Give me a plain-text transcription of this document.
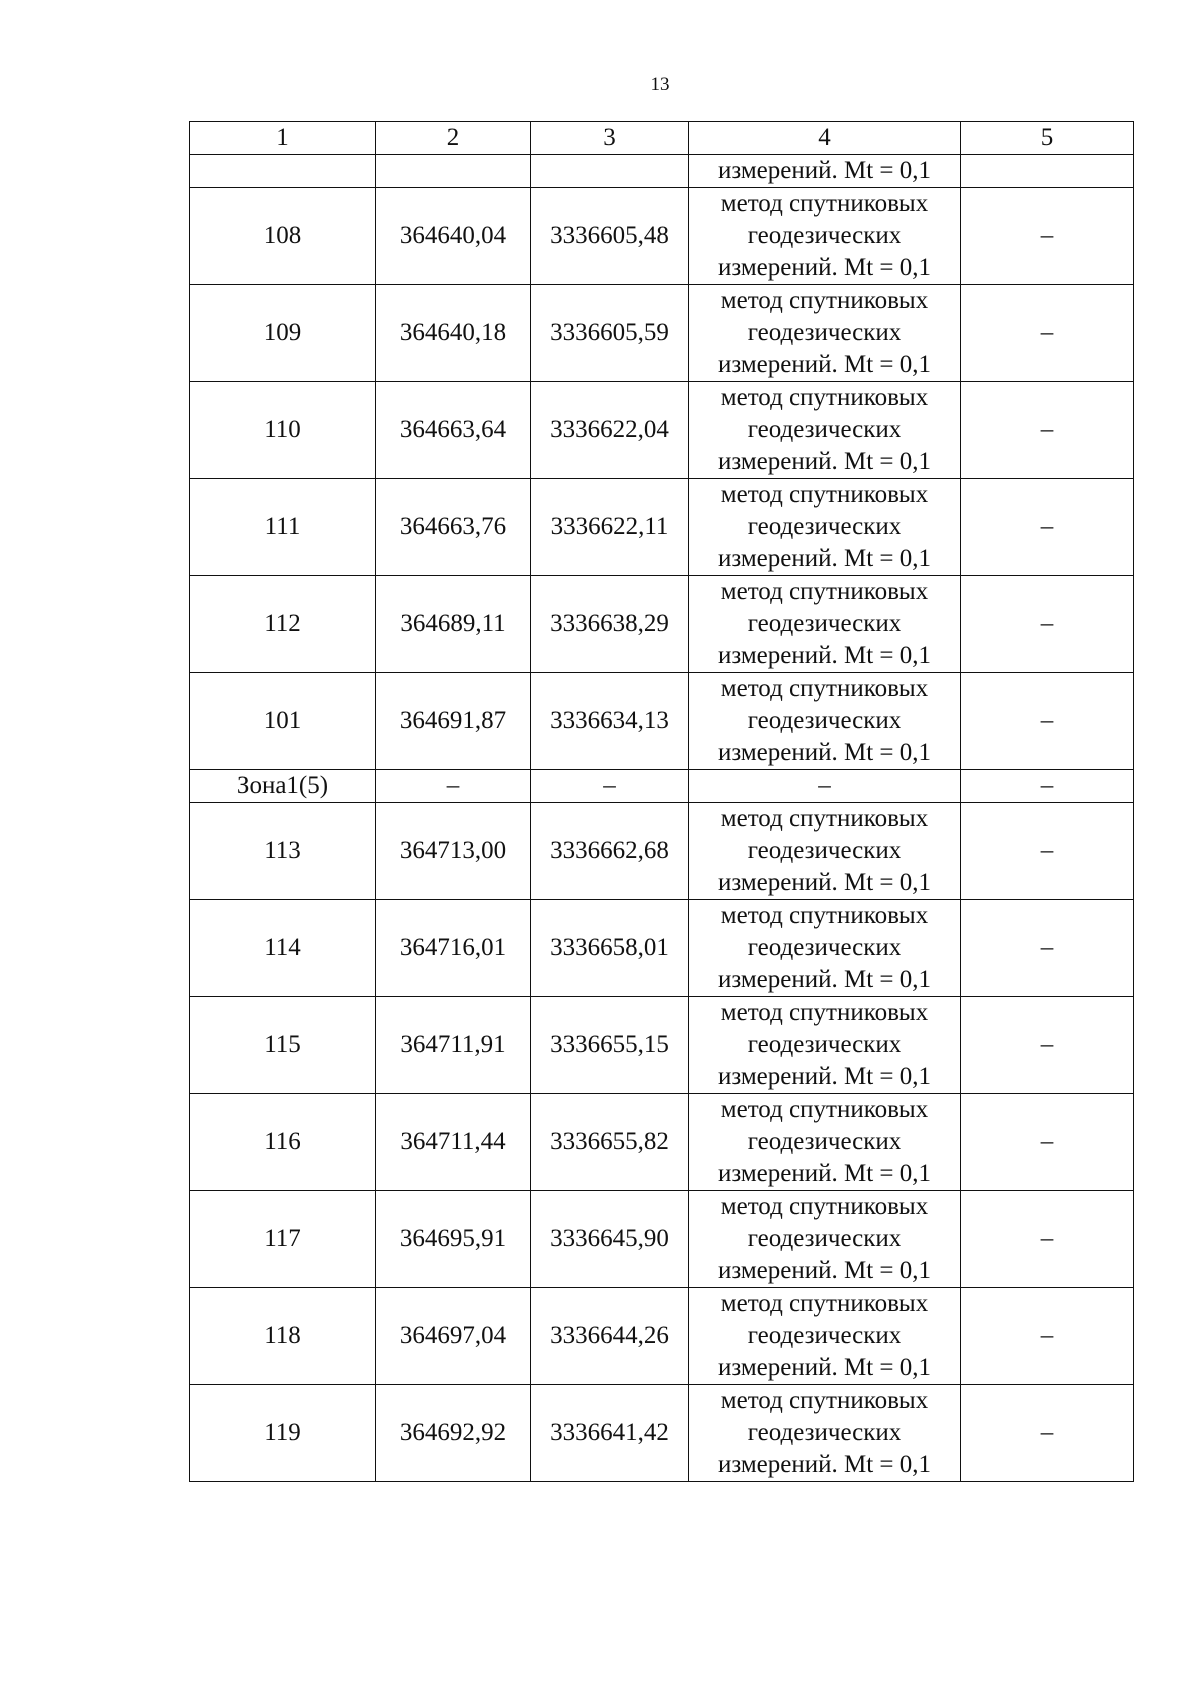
13
1	2	3	4	5
			измерений. Mt = 0,1	
108	364640,04	3336605,48	метод спутниковых
геодезических
измерений. Mt = 0,1	–
109	364640,18	3336605,59	метод спутниковых
геодезических
измерений. Mt = 0,1	–
110	364663,64	3336622,04	метод спутниковых
геодезических
измерений. Mt = 0,1	–
111	364663,76	3336622,11	метод спутниковых
геодезических
измерений. Mt = 0,1	–
112	364689,11	3336638,29	метод спутниковых
геодезических
измерений. Mt = 0,1	–
101	364691,87	3336634,13	метод спутниковых
геодезических
измерений. Mt = 0,1	–
Зона1(5)	–	–	–	–
113	364713,00	3336662,68	метод спутниковых
геодезических
измерений. Mt = 0,1	–
114	364716,01	3336658,01	метод спутниковых
геодезических
измерений. Mt = 0,1	–
115	364711,91	3336655,15	метод спутниковых
геодезических
измерений. Mt = 0,1	–
116	364711,44	3336655,82	метод спутниковых
геодезических
измерений. Mt = 0,1	–
117	364695,91	3336645,90	метод спутниковых
геодезических
измерений. Mt = 0,1	–
118	364697,04	3336644,26	метод спутниковых
геодезических
измерений. Mt = 0,1	–
119	364692,92	3336641,42	метод спутниковых
геодезических
измерений. Mt = 0,1	–
